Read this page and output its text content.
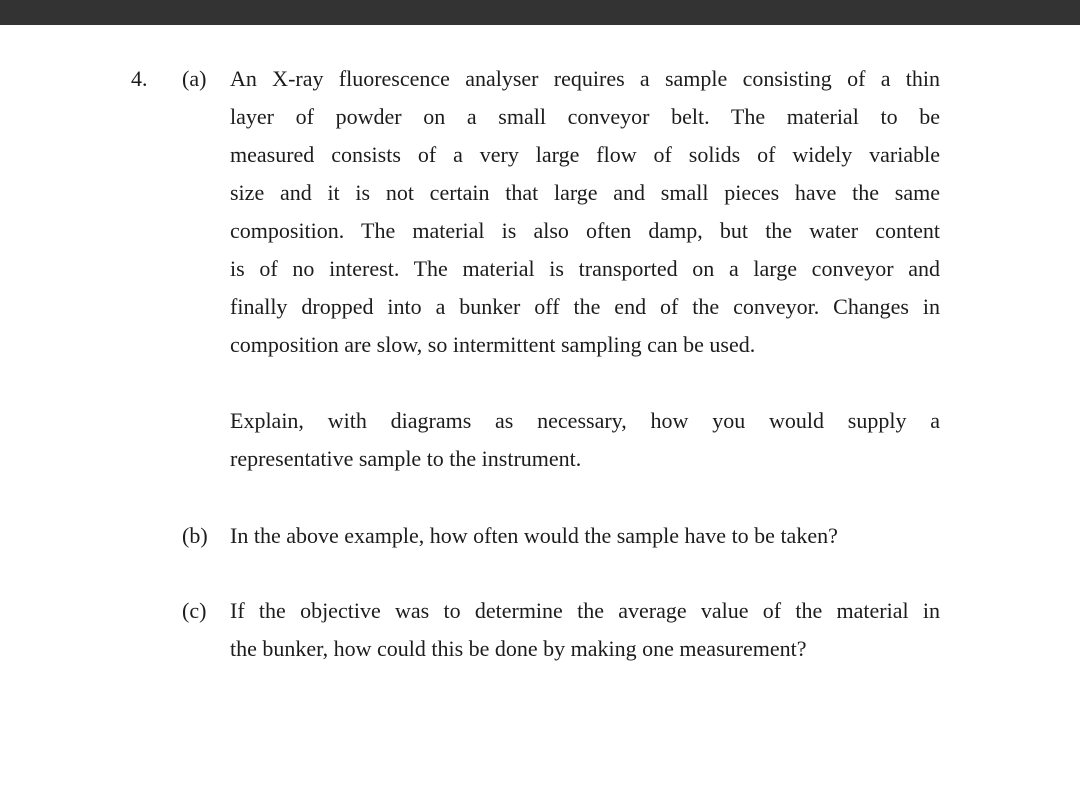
4. (a) An X-ray fluorescence analyser requires a sample consisting of a thin
layer of powder on a small conveyor belt. The material to be
measured consists of a very large flow of solids of widely variable
size and it is not certain that large and small pieces have the same
composition. The material is also often damp, but the water content
is of no interest. The material is transported on a large conveyor and
finally dropped into a bunker off the end of the conveyor. Changes in
composition are slow, so intermittent sampling can be used.
Explain, with diagrams as necessary, how you would supply a
representative sample to the instrument.
(b) In the above example, how often would the sample have to be taken?
(c) If the objective was to determine the average value of the material in
the bunker, how could this be done by making one measurement?
